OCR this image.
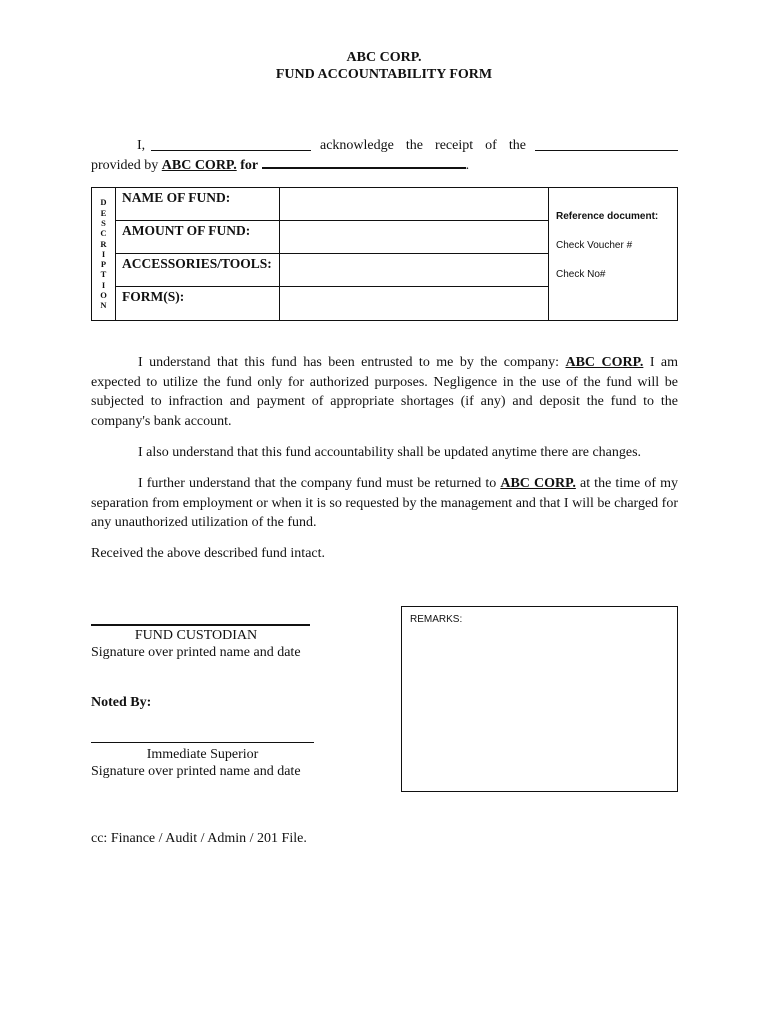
ABC CORP.
FUND ACCOUNTABILITY FORM
I,	acknowledge the receipt of the
provided by ABC CORP. for	.
D
E
S
C
R
I
P
T
I
O
N
NAME OF FUND:
AMOUNT OF FUND:
ACCESSORIES/TOOLS:
FORM(S):
Reference document:
Check Voucher #
Check No#
I understand that this fund has been entrusted to me by the company: ABC CORP. I am expected to utilize the fund only for authorized purposes. Negligence in the use of the fund will be subjected to infraction and payment of appropriate shortages (if any) and deposit the fund to the company's bank account.
I also understand that this fund accountability shall be updated anytime there are changes.
I further understand that the company fund must be returned to ABC CORP. at the time of my separation from employment or when it is so requested by the management and that I will be charged for any unauthorized utilization of the fund.
Received the above described fund intact.
FUND CUSTODIAN
Signature over printed name and date
Noted By:
Immediate Superior
Signature over printed name and date
REMARKS:
cc: Finance / Audit / Admin / 201 File.
